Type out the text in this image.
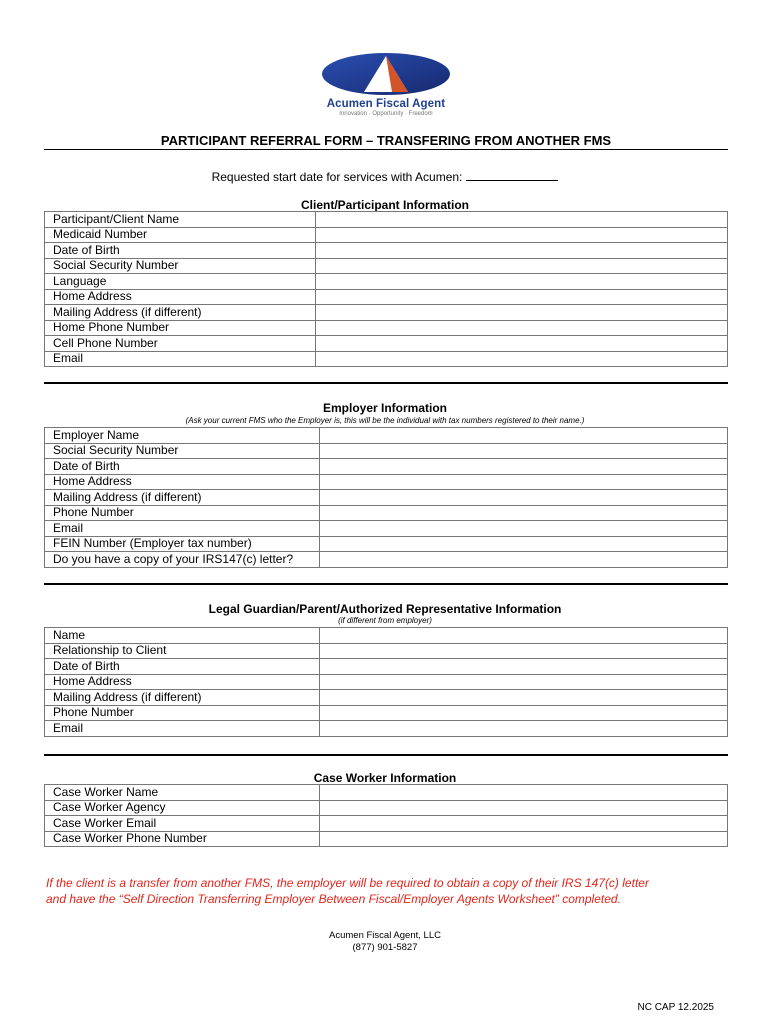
Acumen Fiscal Agent
Innovation · Opportunity · Freedom
PARTICIPANT REFERRAL FORM – TRANSFERING FROM ANOTHER FMS
Requested start date for services with Acumen:
Client/Participant Information
Participant/Client Name	
Medicaid Number	
Date of Birth	
Social Security Number	
Language	
Home Address	
Mailing Address (if different)	
Home Phone Number	
Cell Phone Number	
Email	
Employer Information
(Ask your current FMS who the Employer is, this will be the individual with tax numbers registered to their name.)
Employer Name	
Social Security Number	
Date of Birth	
Home Address	
Mailing Address (if different)	
Phone Number	
Email	
FEIN Number (Employer tax number)	
Do you have a copy of your IRS147(c) letter?	
Legal Guardian/Parent/Authorized Representative Information
(if different from employer)
Name	
Relationship to Client	
Date of Birth	
Home Address	
Mailing Address (if different)	
Phone Number	
Email	
Case Worker Information
Case Worker Name	
Case Worker Agency	
Case Worker Email	
Case Worker Phone Number	
If the client is a transfer from another FMS, the employer will be required to obtain a copy of their IRS 147(c) letter and have the “Self Direction Transferring Employer Between Fiscal/Employer Agents Worksheet” completed.
Acumen Fiscal Agent, LLC
(877) 901-5827
NC CAP 12.2025
